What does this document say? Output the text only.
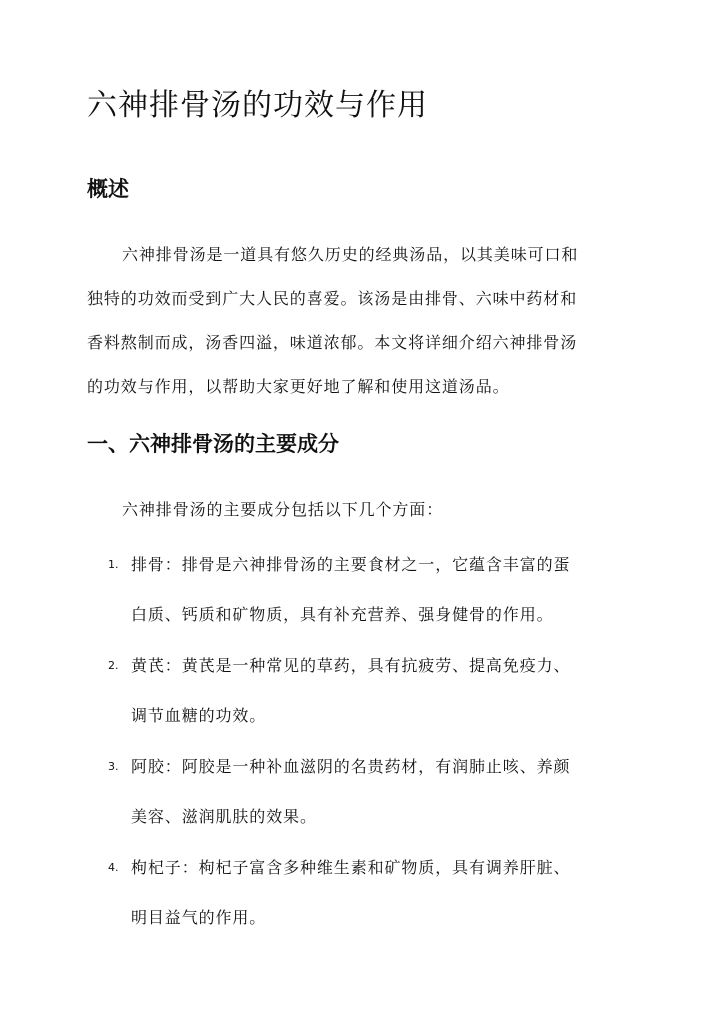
六神排骨汤的功效与作用
概述

六神排骨汤是一道具有悠久历史的经典汤品，以其美味可口和
独特的功效而受到广大人民的喜爱。该汤是由排骨、六味中药材和
香料熬制而成，汤香四溢，味道浓郁。本文将详细介绍六神排骨汤
的功效与作用，以帮助大家更好地了解和使用这道汤品。

一、六神排骨汤的主要成分

六神排骨汤的主要成分包括以下几个方面：

1. 排骨：排骨是六神排骨汤的主要食材之一，它蕴含丰富的蛋
白质、钙质和矿物质，具有补充营养、强身健骨的作用。
2. 黄芪：黄芪是一种常见的草药，具有抗疲劳、提高免疫力、
调节血糖的功效。
3. 阿胶：阿胶是一种补血滋阴的名贵药材，有润肺止咳、养颜
美容、滋润肌肤的效果。
4. 枸杞子：枸杞子富含多种维生素和矿物质，具有调养肝脏、
明目益气的作用。
